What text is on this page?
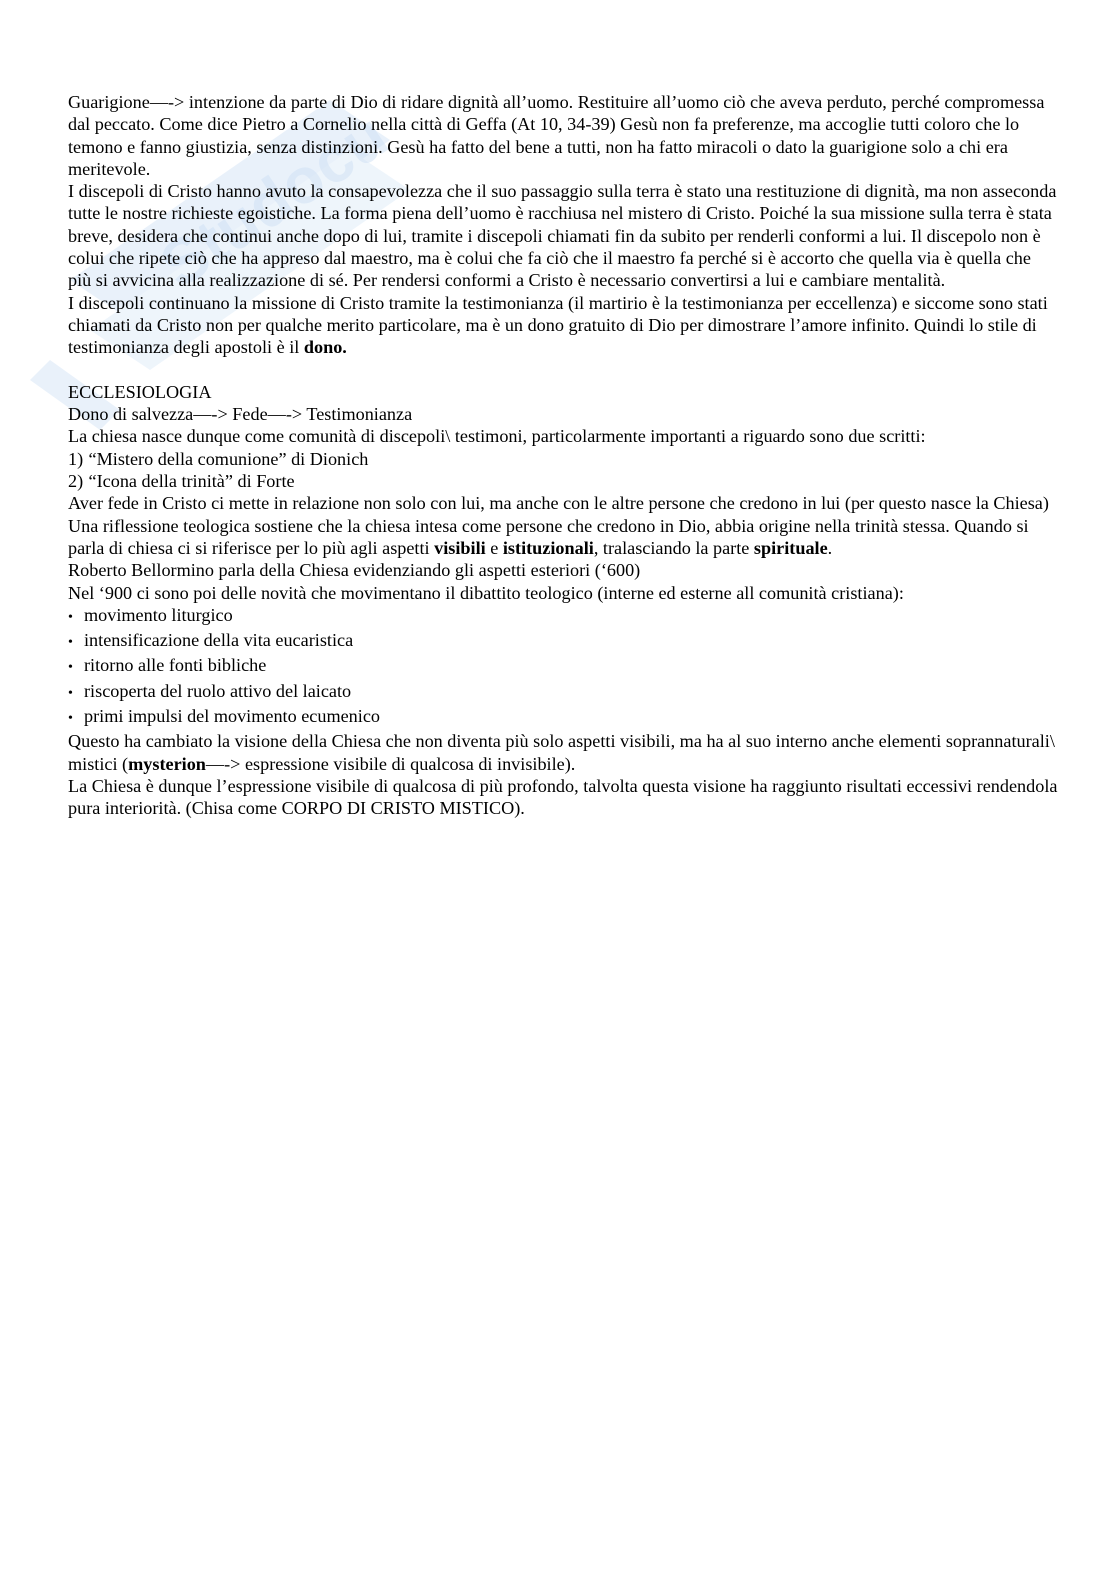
Studocu

Guarigione—-> intenzione da parte di Dio di ridare dignità all’uomo. Restituire all’uomo ciò che aveva perduto, perché compromessa dal peccato. Come dice Pietro a Cornelio nella città di Geffa (At 10, 34-39) Gesù non fa preferenze, ma accoglie tutti coloro che lo temono e fanno giustizia, senza distinzioni. Gesù ha fatto del bene a tutti, non ha fatto miracoli o dato la guarigione solo a chi era meritevole.

I discepoli di Cristo hanno avuto la consapevolezza che il suo passaggio sulla terra è stato una restituzione di dignità, ma non asseconda tutte le nostre richieste egoistiche. La forma piena dell’uomo è racchiusa nel mistero di Cristo. Poiché la sua missione sulla terra è stata breve, desidera che continui anche dopo di lui, tramite i discepoli chiamati fin da subito per renderli conformi a lui. Il discepolo non è colui che ripete ciò che ha appreso dal maestro, ma è colui che fa ciò che il maestro fa perché si è accorto che quella via è quella che più si avvicina alla realizzazione di sé. Per rendersi conformi a Cristo è necessario convertirsi a lui e cambiare mentalità.

I discepoli continuano la missione di Cristo tramite la testimonianza (il martirio è la testimonianza per eccellenza) e siccome sono stati chiamati da Cristo non per qualche merito particolare, ma è un dono gratuito di Dio per dimostrare l’amore infinito. Quindi lo stile di testimonianza degli apostoli è il dono.

ECCLESIOLOGIA

Dono di salvezza—-> Fede—-> Testimonianza

La chiesa nasce dunque come comunità di discepoli\ testimoni, particolarmente importanti a riguardo sono due scritti:

1) “Mistero della comunione” di Dionich
2) “Icona della trinità” di Forte

Aver fede in Cristo ci mette in relazione non solo con lui, ma anche con le altre persone che credono in lui (per questo nasce la Chiesa)

Una riflessione teologica sostiene che la chiesa intesa come persone che credono in Dio, abbia origine nella trinità stessa. Quando si parla di chiesa ci si riferisce per lo più agli aspetti visibili e istituzionali, tralasciando la parte spirituale.

Roberto Bellormino parla della Chiesa evidenziando gli aspetti esteriori (‘600)

Nel ‘900 ci sono poi delle novità che movimentano il dibattito teologico (interne ed esterne all comunità cristiana):

• movimento liturgico
• intensificazione della vita eucaristica
• ritorno alle fonti bibliche
• riscoperta del ruolo attivo del laicato
• primi impulsi del movimento ecumenico

Questo ha cambiato la visione della Chiesa che non diventa più solo aspetti visibili, ma ha al suo interno anche elementi soprannaturali\ mistici (mysterion—-> espressione visibile di qualcosa di invisibile).

La Chiesa è dunque l’espressione visibile di qualcosa di più profondo, talvolta questa visione ha raggiunto risultati eccessivi rendendola pura interiorità. (Chisa come CORPO DI CRISTO MISTICO).
